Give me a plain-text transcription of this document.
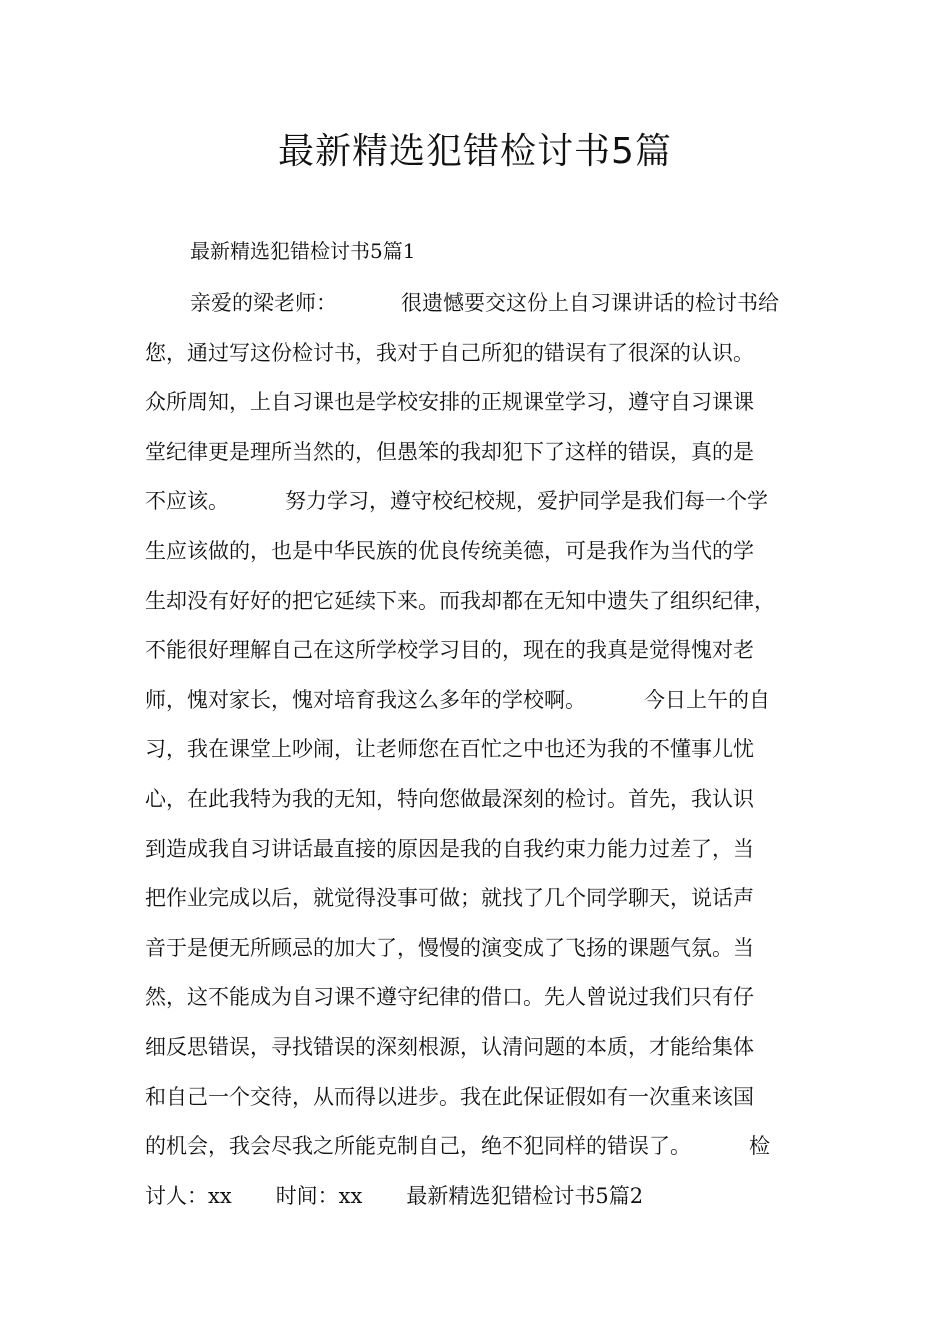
最新精选犯错检讨书5篇

最新精选犯错检讨书5篇1

亲爱的梁老师：	很遗憾要交这份上自习课讲话的检讨书给
您，通过写这份检讨书，我对于自己所犯的错误有了很深的认识。
众所周知，上自习课也是学校安排的正规课堂学习，遵守自习课课
堂纪律更是理所当然的，但愚笨的我却犯下了这样的错误，真的是
不应该。	努力学习，遵守校纪校规，爱护同学是我们每一个学
生应该做的，也是中华民族的优良传统美德，可是我作为当代的学
生却没有好好的把它延续下来。而我却都在无知中遗失了组织纪律，
不能很好理解自己在这所学校学习目的，现在的我真是觉得愧对老
师，愧对家长，愧对培育我这么多年的学校啊。	今日上午的自
习，我在课堂上吵闹，让老师您在百忙之中也还为我的不懂事儿忧
心，在此我特为我的无知，特向您做最深刻的检讨。首先，我认识
到造成我自习讲话最直接的原因是我的自我约束力能力过差了，当
把作业完成以后，就觉得没事可做；就找了几个同学聊天，说话声
音于是便无所顾忌的加大了，慢慢的演变成了飞扬的课题气氛。当
然，这不能成为自习课不遵守纪律的借口。先人曾说过我们只有仔
细反思错误，寻找错误的深刻根源，认清问题的本质，才能给集体
和自己一个交待，从而得以进步。我在此保证假如有一次重来该国
的机会，我会尽我之所能克制自己，绝不犯同样的错误了。	检
讨人：xx 时间：xx 最新精选犯错检讨书5篇2
